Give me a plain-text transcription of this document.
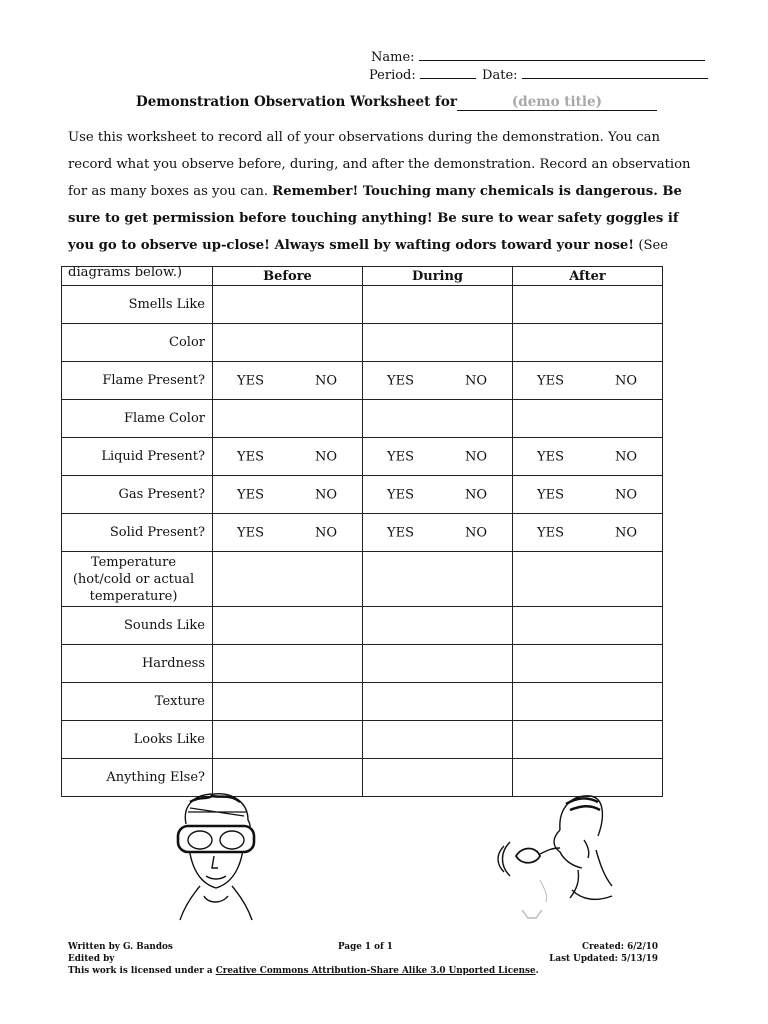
Name:
Period:	Date:
Demonstration Observation Worksheet for	(demo title)
Use this worksheet to record all of your observations during the demonstration. You can record what you observe before, during, and after the demonstration. Record an observation for as many boxes as you can. Remember! Touching many chemicals is dangerous. Be sure to get permission before touching anything! Be sure to wear safety goggles if you go to observe up-close! Always smell by wafting odors toward your nose! (See diagrams below.)
		Before	During	After
Smells Like			
Color			
Flame Present?	YES NO	YES NO	YES NO

Flame Color			
Liquid Present?	YES NO	YES NO	YES NO

Gas Present?	YES NO	YES NO	YES NO

Solid Present?	YES NO	YES NO	YES NO

Temperature (hot/cold or actual temperature)			
Sounds Like			
Hardness			
Texture			
Looks Like			
Anything Else?			
Written by G. Bandos
Edited by
This work is licensed under a Creative Commons Attribution-Share Alike 3.0 Unported License.
Page 1 of 1	Created: 6/2/10
Last Updated: 5/13/19
